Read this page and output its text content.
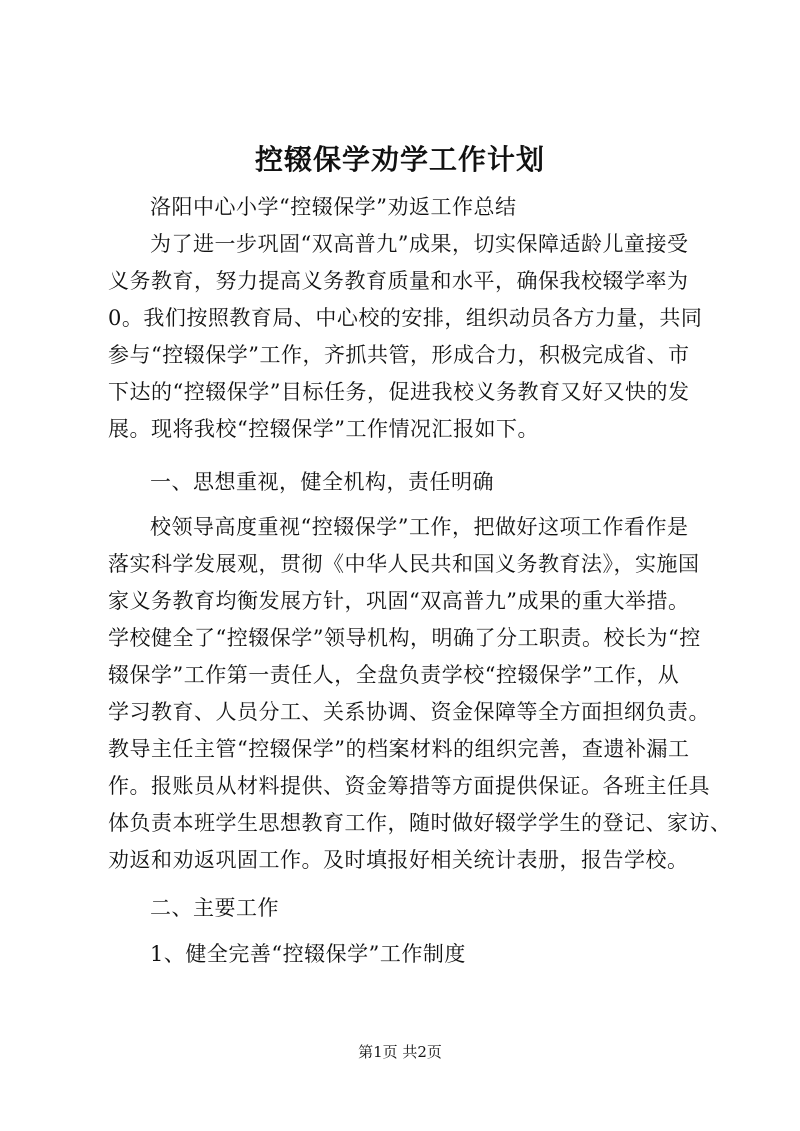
控辍保学劝学工作计划
洛阳中心小学“控辍保学”劝返工作总结
为了进一步巩固“双高普九”成果，切实保障适龄儿童接受
义务教育，努力提高义务教育质量和水平，确保我校辍学率为
0。我们按照教育局、中心校的安排，组织动员各方力量，共同
参与“控辍保学”工作，齐抓共管，形成合力，积极完成省、市
下达的“控辍保学”目标任务，促进我校义务教育又好又快的发
展。现将我校“控辍保学”工作情况汇报如下。
一、思想重视，健全机构，责任明确
校领导高度重视“控辍保学”工作，把做好这项工作看作是
落实科学发展观，贯彻《中华人民共和国义务教育法》，实施国
家义务教育均衡发展方针，巩固“双高普九”成果的重大举措。
学校健全了“控辍保学”领导机构，明确了分工职责。校长为“控
辍保学”工作第一责任人，全盘负责学校“控辍保学”工作，从
学习教育、人员分工、关系协调、资金保障等全方面担纲负责。
教导主任主管“控辍保学”的档案材料的组织完善，查遗补漏工
作。报账员从材料提供、资金筹措等方面提供保证。各班主任具
体负责本班学生思想教育工作，随时做好辍学学生的登记、家访、
劝返和劝返巩固工作。及时填报好相关统计表册，报告学校。
二、主要工作
1、健全完善“控辍保学”工作制度
第1页 共2页
